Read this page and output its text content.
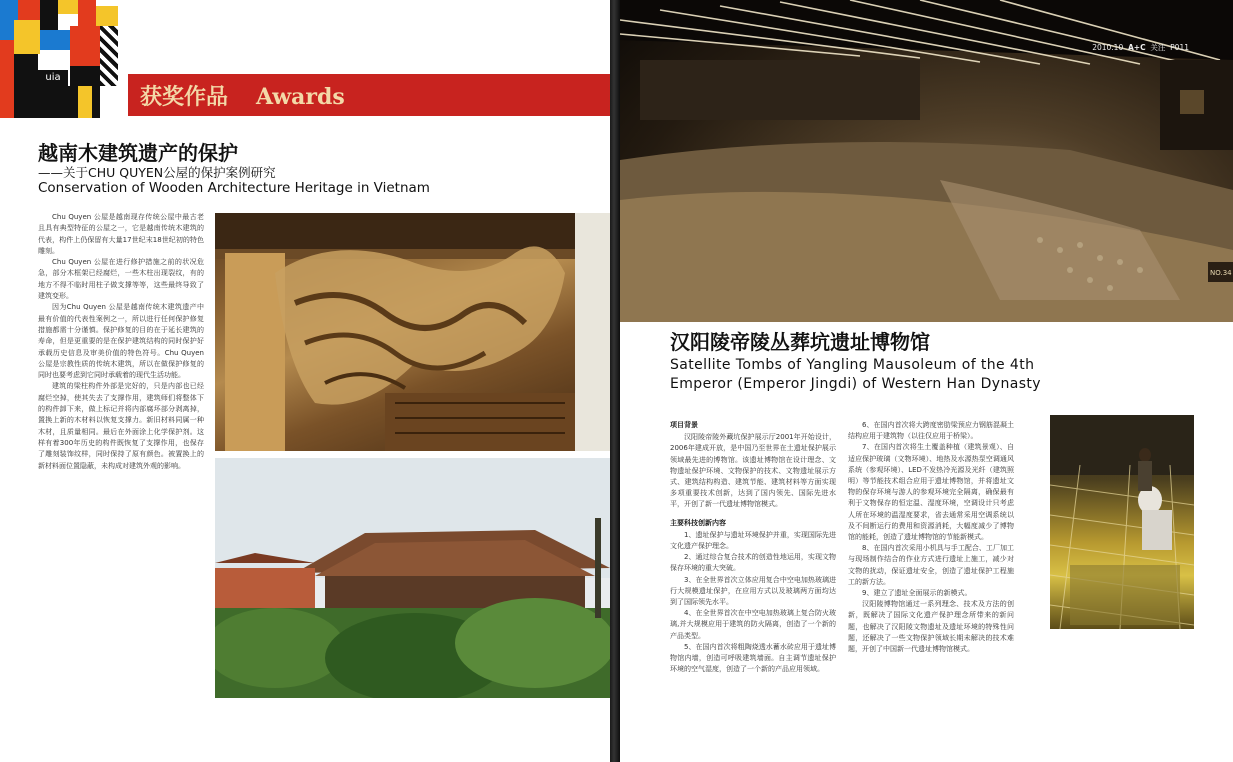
uia
获奖作品 Awards
越南木建筑遗产的保护
——关于CHU QUYEN公屋的保护案例研究
Conservation of Wooden Architecture Heritage in Vietnam

Chu Quyen 公屋是越南现存传统公屋中最古老且具有典型特征的公屋之一，它是越南传统木建筑的代表，构件上仍保留有大量17世纪末18世纪初的特色雕刻。

Chu Quyen 公屋在进行修护措施之前的状况危急，部分木框架已经腐烂，一些木柱出现裂纹，有的地方不得不临时用柱子做支撑等等，这些最终导致了建筑变形。

因为Chu Quyen 公屋是越南传统木建筑遗产中最有价值的代表性案例之一，所以进行任何保护修复措施都需十分谨慎。保护修复的目的在于延长建筑的寿命，但是更重要的是在保护建筑结构的同时保护好承载历史信息及审美价值的特色符号。Chu Quyen 公屋是宗教性质的传统木建筑，所以在做保护修复的同时也要考虑到它同时承载着的现代生活功能。

建筑的梁柱构件外部是完好的，只是内部也已经腐烂空掉，使其失去了支撑作用，建筑师们将整体下的构件卸下来，做上标记并将内部腐坏部分剥离掉，置换上新的木材料以恢复支撑力。新旧材料同属一种木材，且质量相同。最后在外面涂上化学保护剂。这样有着300年历史的构件既恢复了支撑作用，也保存了雕刻装饰纹样，同时保持了原有颜色。被置换上的新材料面位置隐蔽，未构成对建筑外观的影响。

NO.34
2010.10 A+C 关注 P011
汉阳陵帝陵丛葬坑遗址博物馆
Satellite Tombs of Yangling Mausoleum of the 4th
Emperor (Emperor Jingdi) of Western Han Dynasty
项目背景

汉阳陵帝陵外藏坑保护展示厅2001年开始设计，2006年建成开放，是中国乃至世界在土遗址保护展示领域最先进的博物馆。该遗址博物馆在设计理念、文物遗址保护环境、文物保护的技术、文物遗址展示方式、建筑结构构造、建筑节能、建筑材料等方面实现多项重要技术创新，达到了国内领先、国际先进水平，开创了新一代遗址博物馆模式。

主要科技创新内容

1、遗址保护与遗址环境保护并重，实现国际先进文化遗产保护理念。

2、通过综合复合技术的创造性地运用，实现文物保存环境的重大突破。

3、在全世界首次立体应用复合中空电加热玻璃进行大规模遗址保护，在应用方式以及玻璃两方面均达到了国际领先水平。

4、在全世界首次在中空电加热玻璃上复合防火玻璃,并大规模应用于建筑的防火隔离，创造了一个新的产品类型。

5、在国内首次将粗陶烧透水蓄水砖应用于遗址博物馆内墙，创造可呼吸建筑墙面。自主调节遗址保护环境的空气湿度，创造了一个新的产品应用领域。

6、在国内首次将大跨度密肋梁预应力钢筋混凝土结构应用于建筑物（以往仅应用于桥梁）。

7、在国内首次将生土覆盖种植（建筑景观）、自适应保护玻璃（文物环境）、地热及水源热泵空调通风系统（参观环境）、LED不发热冷光源及光纤（建筑照明）等节能技术组合应用于遗址博物馆，并将遗址文物的保存环境与游人的参观环境完全隔离，确保最有利于文物保存的恒定温、湿度环境，空调设计只考虑人所在环境的温湿度要求，省去通常采用空调系统以及不间断运行的费用和资源消耗，大幅度减少了博物馆的能耗，创造了遗址博物馆的节能新模式。

8、在国内首次采用小机具与手工配合、工厂加工与现场制作结合的作业方式进行遗址上施工，减少对文物的扰动，保证遗址安全，创造了遗址保护工程施工的新方法。

9、建立了遗址全面展示的新模式。

汉阳陵博物馆通过一系列理念、技术及方法的创新，既解决了国际文化遗产保护理念所带来的新问题，也解决了汉阳陵文物遗址及遗址环境的特殊性问题，还解决了一些文物保护领域长期未解决的技术难题，开创了中国新一代遗址博物馆模式。
